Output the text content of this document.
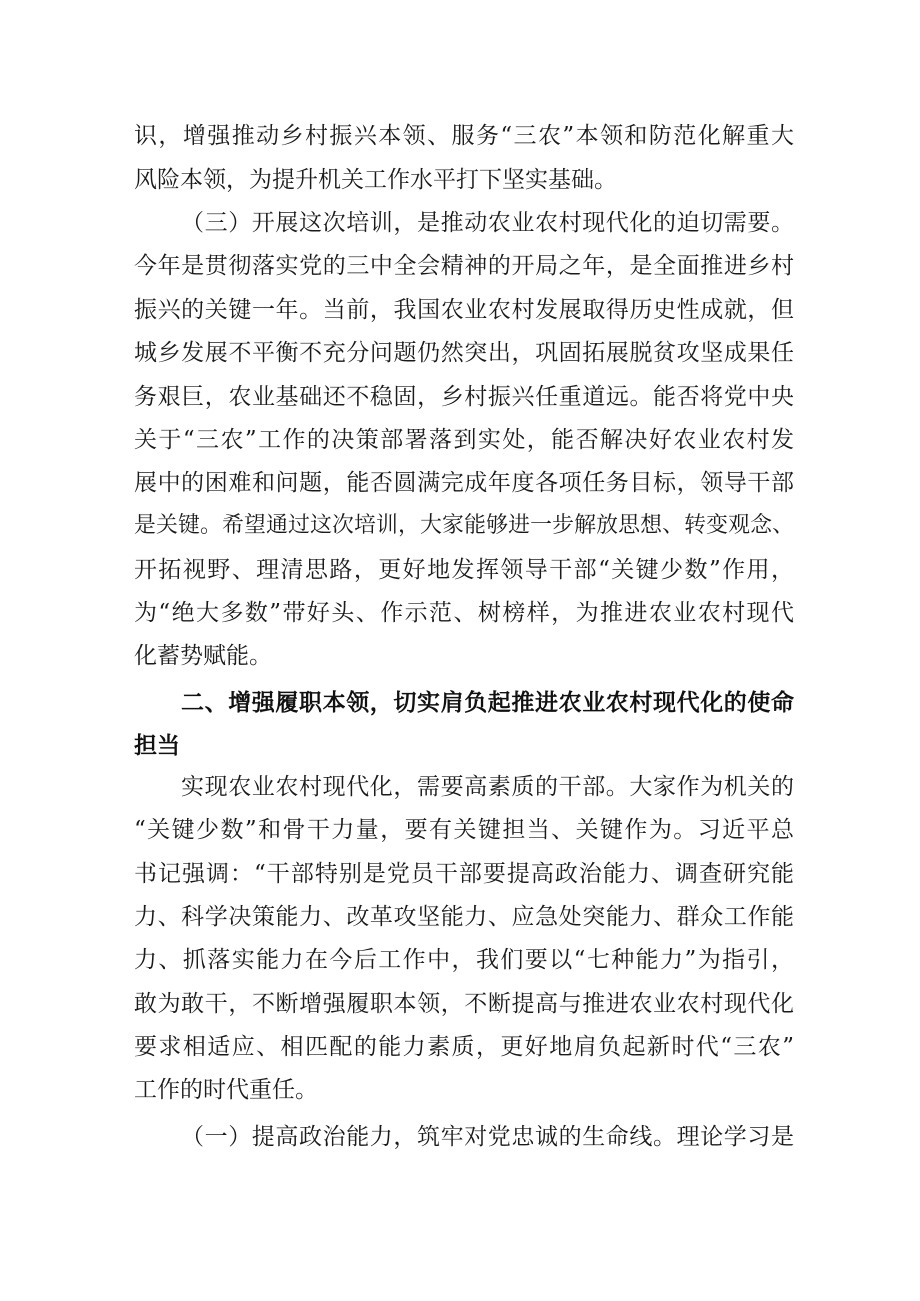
识，增强推动乡村振兴本领、服务“三农”本领和防范化解重大
风险本领，为提升机关工作水平打下坚实基础。
（三）开展这次培训，是推动农业农村现代化的迫切需要。
今年是贯彻落实党的三中全会精神的开局之年，是全面推进乡村
振兴的关键一年。当前，我国农业农村发展取得历史性成就，但
城乡发展不平衡不充分问题仍然突出，巩固拓展脱贫攻坚成果任
务艰巨，农业基础还不稳固，乡村振兴任重道远。能否将党中央
关于“三农”工作的决策部署落到实处，能否解决好农业农村发
展中的困难和问题，能否圆满完成年度各项任务目标，领导干部
是关键。希望通过这次培训，大家能够进一步解放思想、转变观念、
开拓视野、理清思路，更好地发挥领导干部“关键少数”作用，
为“绝大多数”带好头、作示范、树榜样，为推进农业农村现代
化蓄势赋能。
二、增强履职本领，切实肩负起推进农业农村现代化的使命
担当
实现农业农村现代化，需要高素质的干部。大家作为机关的
“关键少数”和骨干力量，要有关键担当、关键作为。习近平总
书记强调：“干部特别是党员干部要提高政治能力、调查研究能
力、科学决策能力、改革攻坚能力、应急处突能力、群众工作能
力、抓落实能力在今后工作中，我们要以“七种能力”为指引，
敢为敢干，不断增强履职本领，不断提高与推进农业农村现代化
要求相适应、相匹配的能力素质，更好地肩负起新时代“三农”
工作的时代重任。
（一）提高政治能力，筑牢对党忠诚的生命线。理论学习是
